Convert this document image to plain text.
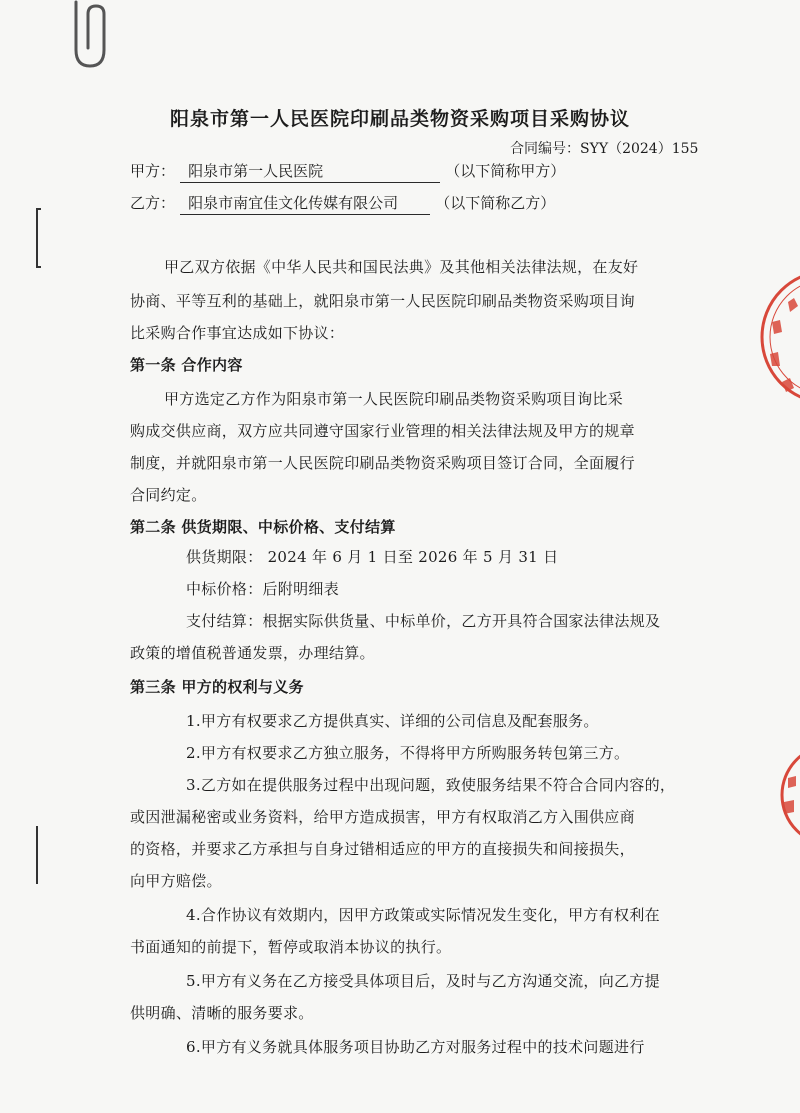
阳泉市第一人民医院印刷品类物资采购项目采购协议
合同编号：SYY（2024）155
甲方： 阳泉市第一人民医院	（以下简称甲方）
乙方： 阳泉市南宜佳文化传媒有限公司 （以下简称乙方）
甲乙双方依据《中华人民共和国民法典》及其他相关法律法规，在友好
协商、平等互利的基础上，就阳泉市第一人民医院印刷品类物资采购项目询
比采购合作事宜达成如下协议：
第一条 合作内容
甲方选定乙方作为阳泉市第一人民医院印刷品类物资采购项目询比采
购成交供应商，双方应共同遵守国家行业管理的相关法律法规及甲方的规章
制度，并就阳泉市第一人民医院印刷品类物资采购项目签订合同，全面履行
合同约定。
第二条 供货期限、中标价格、支付结算
供货期限： 2024 年 6 月 1 日至 2026 年 5 月 31 日
中标价格：后附明细表
支付结算：根据实际供货量、中标单价，乙方开具符合国家法律法规及
政策的增值税普通发票，办理结算。
第三条 甲方的权利与义务
1.甲方有权要求乙方提供真实、详细的公司信息及配套服务。
2.甲方有权要求乙方独立服务，不得将甲方所购服务转包第三方。
3.乙方如在提供服务过程中出现问题，致使服务结果不符合合同内容的，
或因泄漏秘密或业务资料，给甲方造成损害，甲方有权取消乙方入围供应商
的资格，并要求乙方承担与自身过错相适应的甲方的直接损失和间接损失，
向甲方赔偿。
4.合作协议有效期内，因甲方政策或实际情况发生变化，甲方有权利在
书面通知的前提下，暂停或取消本协议的执行。
5.甲方有义务在乙方接受具体项目后，及时与乙方沟通交流，向乙方提
供明确、清晰的服务要求。
6.甲方有义务就具体服务项目协助乙方对服务过程中的技术问题进行
